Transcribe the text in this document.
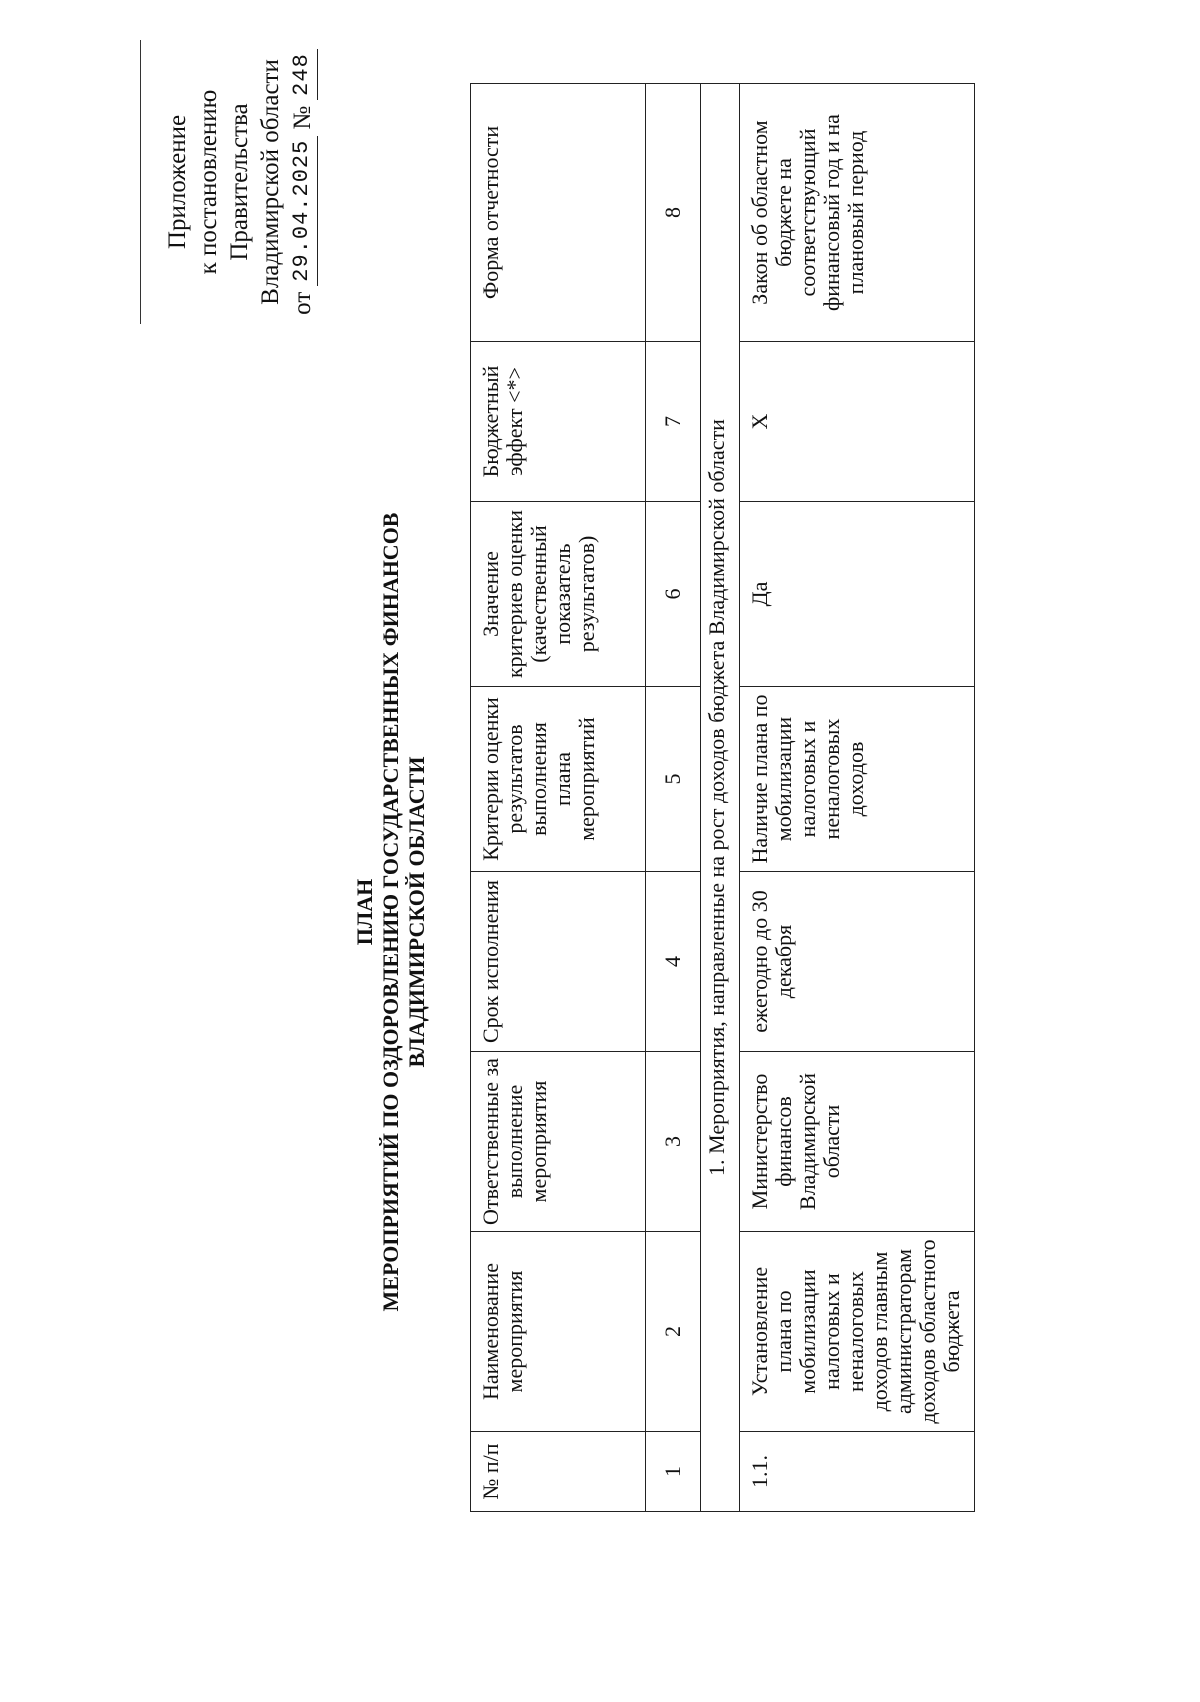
Приложение к постановлению Правительства Владимирской области от
29.04.2025
№
248
ПЛАН МЕРОПРИЯТИЙ ПО ОЗДОРОВЛЕНИЮ ГОСУДАРСТВЕННЫХ ФИНАНСОВ ВЛАДИМИРСКОЙ ОБЛАСТИ
№ п/п	Наименование мероприятия	Ответственные за выполнение мероприятия	Срок исполнения	Критерии оценки результатов выполнения плана мероприятий	Значение критериев оценки (качественный показатель результатов)	Бюджетный эффект <*>	Форма отчетности
1	2	3	4	5	6	7	8
1. Мероприятия, направленные на рост доходов бюджета Владимирской области							
1.1.	Установление плана по мобилизации налоговых и неналоговых доходов главным администраторам доходов областного бюджета	Министерство финансов Владимирской области	ежегодно до 30 декабря	Наличие плана по мобилизации налоговых и неналоговых доходов	Да	Х	Закон об областном бюджете на соответствующий финансовый год и на плановый период
